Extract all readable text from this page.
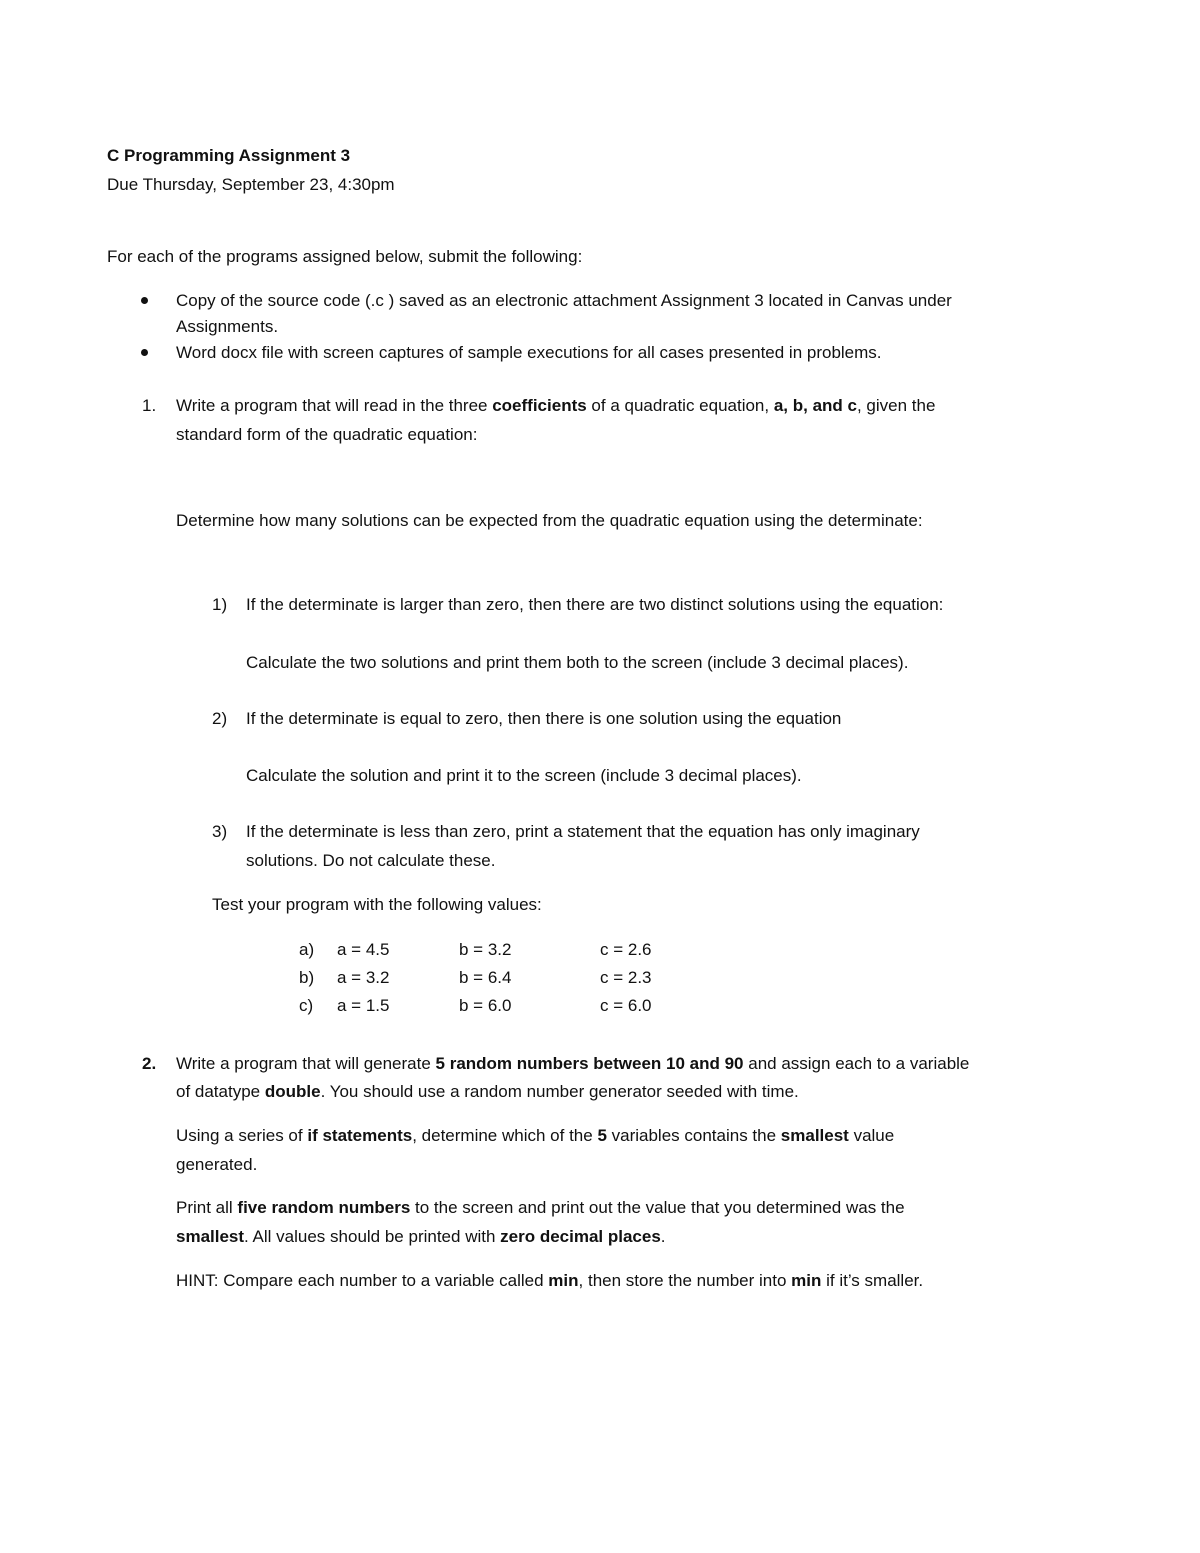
C Programming Assignment 3
Due Thursday, September 23, 4:30pm
For each of the programs assigned below, submit the following:
Copy of the source code (.c ) saved as an electronic attachment Assignment 3 located in Canvas under
Assignments.
Word docx file with screen captures of sample executions for all cases presented in problems.
1. Write a program that will read in the three coefficients of a quadratic equation, a, b, and c, given the
standard form of the quadratic equation:
Determine how many solutions can be expected from the quadratic equation using the determinate:
1) If the determinate is larger than zero, then there are two distinct solutions using the equation:
Calculate the two solutions and print them both to the screen (include 3 decimal places).
2) If the determinate is equal to zero, then there is one solution using the equation
Calculate the solution and print it to the screen (include 3 decimal places).
3) If the determinate is less than zero, print a statement that the equation has only imaginary
solutions. Do not calculate these.
Test your program with the following values:
a) a = 4.5	b = 3.2	c = 2.6
b) a = 3.2	b = 6.4	c = 2.3
c) a = 1.5	b = 6.0	c = 6.0
2. Write a program that will generate 5 random numbers between 10 and 90 and assign each to a variable
of datatype double. You should use a random number generator seeded with time.
Using a series of if statements, determine which of the 5 variables contains the smallest value
generated.
Print all five random numbers to the screen and print out the value that you determined was the
smallest. All values should be printed with zero decimal places.
HINT: Compare each number to a variable called min, then store the number into min if it’s smaller.
